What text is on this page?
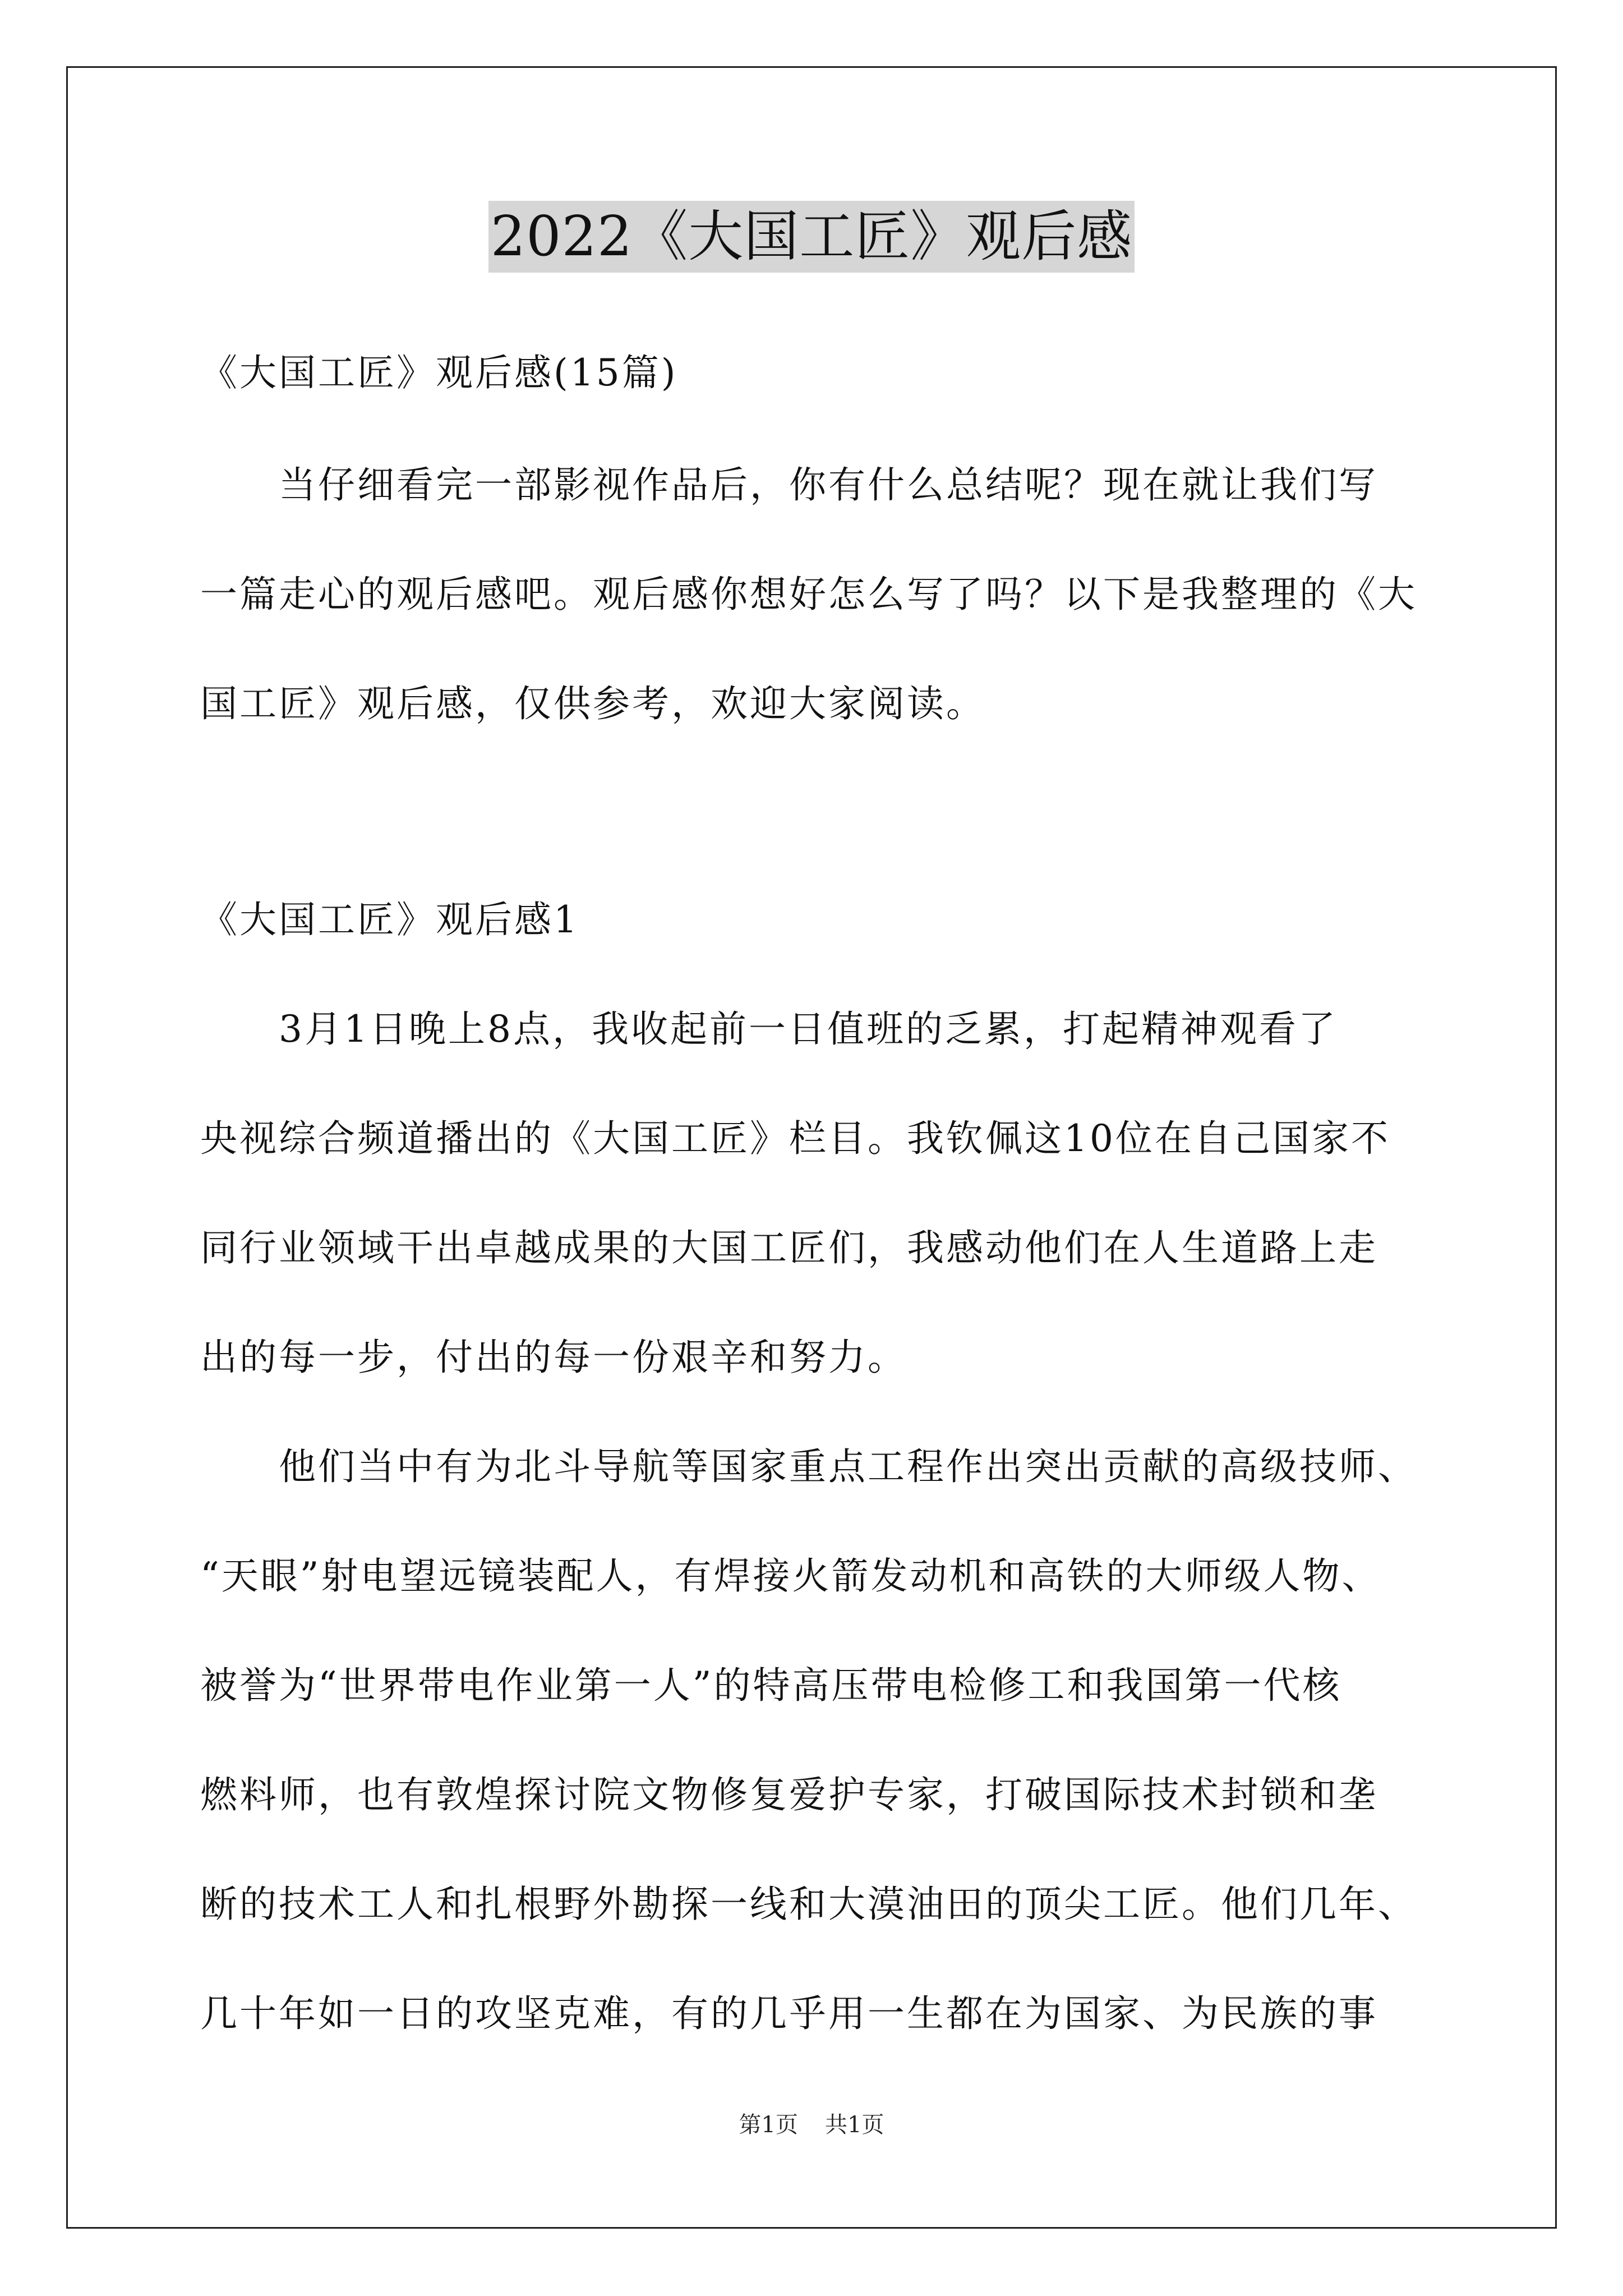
2022《大国工匠》观后感
《大国工匠》观后感(15篇)
当仔细看完一部影视作品后，你有什么总结呢？现在就让我们写
一篇走心的观后感吧。观后感你想好怎么写了吗？以下是我整理的《大
国工匠》观后感，仅供参考，欢迎大家阅读。
《大国工匠》观后感1
3月1日晚上8点，我收起前一日值班的乏累，打起精神观看了
央视综合频道播出的《大国工匠》栏目。我钦佩这10位在自己国家不
同行业领域干出卓越成果的大国工匠们，我感动他们在人生道路上走
出的每一步，付出的每一份艰辛和努力。
他们当中有为北斗导航等国家重点工程作出突出贡献的高级技师、
“天眼”射电望远镜装配人，有焊接火箭发动机和高铁的大师级人物、
被誉为“世界带电作业第一人”的特高压带电检修工和我国第一代核
燃料师，也有敦煌探讨院文物修复爱护专家，打破国际技术封锁和垄
断的技术工人和扎根野外勘探一线和大漠油田的顶尖工匠。他们几年、
几十年如一日的攻坚克难，有的几乎用一生都在为国家、为民族的事
第1页 共1页
